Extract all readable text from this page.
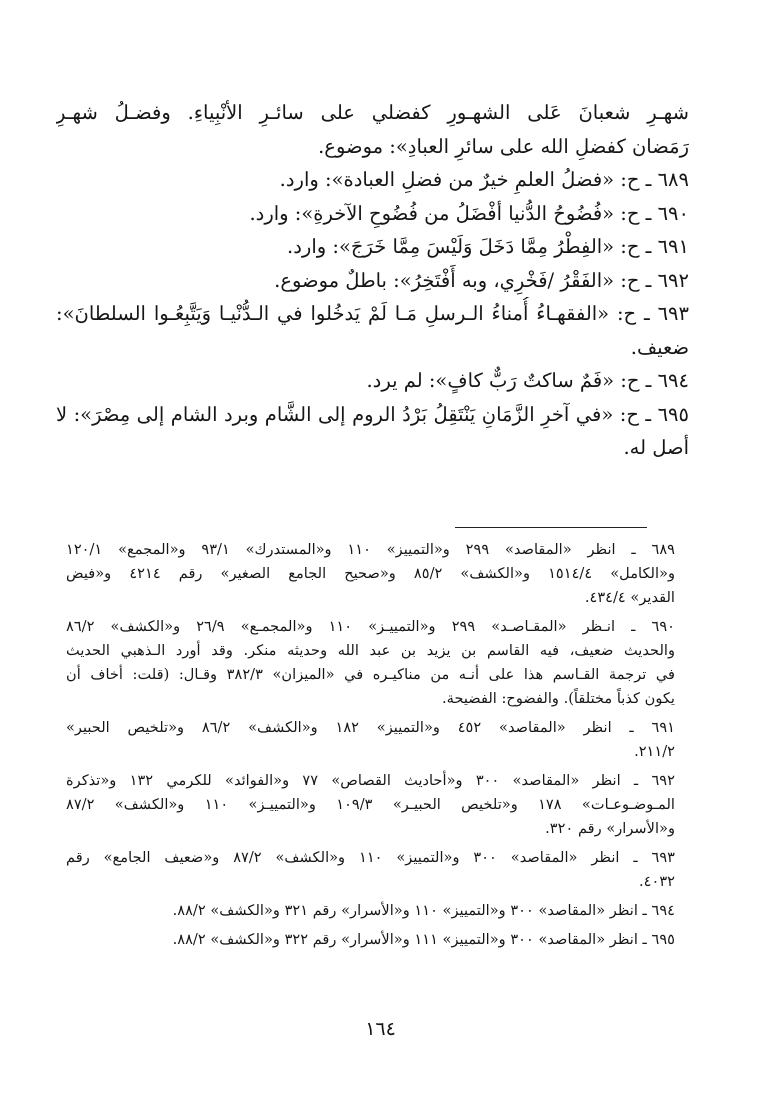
شهـرِ شعبانَ عَلى الشهـورِ كفضلي على سائـرِ الأنْبِياءِ. وفضـلُ شهـرِ
رَمَضان كفضلِ الله على سائرِ العبادِ»: موضوع.
٦٨٩ ـ ح: «فضلُ العلمِ خيرٌ من فضلِ العبادة»: وارد.
٦٩٠ ـ ح: «فُضُوحُ الدُّنيا أفْضَلُ من فُضُوحِ الآخرةِ»: وارد.
٦٩١ ـ ح: «الفِطْرُ مِمَّا دَخَلَ وَلَيْسَ مِمَّا خَرَجَ»: وارد.
٦٩٢ ـ ح: «الفَقْرُ /فَخْرِي، وبه أَفْتَخِرُ»: باطلٌ موضوع.
٦٩٣ ـ ح: «الفقهـاءُ أُمناءُ الـرسلِ مَـا لَمْ يَدخُلوا في الـدُّنْيـا وَيَتَّبِعُـوا السلطانَ»:
ضعيف.
٦٩٤ ـ ح: «فَمٌ ساكتٌ رَبٌّ كافٍ»: لم يرد.
٦٩٥ ـ ح: «في آخرِ الزَّمَانِ يَنْتَقِلُ بَرْدُ الروم إلى الشَّام وبرد الشام إلى مِصْرَ»: لا
أصل له.
٦٨٩ ـ انظر «المقاصد» ٢٩٩ و«التمييز» ١١٠ و«المستدرك» ٩٣/١ و«المجمع» ١٢٠/١
و«الكامل» ١٥١٤/٤ و«الكشف» ٨٥/٢ و«صحيح الجامع الصغير» رقم ٤٢١٤ و«فيض
القدير» ٤٣٤/٤.
٦٩٠ ـ انـظر «المقـاصـد» ٢٩٩ و«التمييـز» ١١٠ و«المجمـع» ٢٦/٩ و«الكشف» ٨٦/٢
والحديث ضعيف، فيه القاسم بن يزيد بن عبد الله وحديثه منكر. وقد أورد الـذهبي الحديث
في ترجمة القـاسم هذا على أنـه من مناكيـره في «الميزان» ٣٨٢/٣ وقـال: (قلت: أخاف أن
يكون كذباً مختلقاً). والفضوح: الفضيحة.
٦٩١ ـ انظر «المقاصد» ٤٥٢ و«التمييز» ١٨٢ و«الكشف» ٨٦/٢ و«تلخيص الحبير»
٢١١/٢.
٦٩٢ ـ انظر «المقاصد» ٣٠٠ و«أحاديث القصاص» ٧٧ و«الفوائد» للكرمي ١٣٢ و«تذكرة
المـوضـوعـات» ١٧٨ و«تلخيص الحبيـر» ١٠٩/٣ و«التمييـز» ١١٠ و«الكشف» ٨٧/٢
و«الأسرار» رقم ٣٢٠.
٦٩٣ ـ انظر «المقاصد» ٣٠٠ و«التمييز» ١١٠ و«الكشف» ٨٧/٢ و«ضعيف الجامع» رقم
٤٠٣٢.
٦٩٤ ـ انظر «المقاصد» ٣٠٠ و«التمييز» ١١٠ و«الأسرار» رقم ٣٢١ و«الكشف» ٨٨/٢.
٦٩٥ ـ انظر «المقاصد» ٣٠٠ و«التمييز» ١١١ و«الأسرار» رقم ٣٢٢ و«الكشف» ٨٨/٢.
١٦٤
